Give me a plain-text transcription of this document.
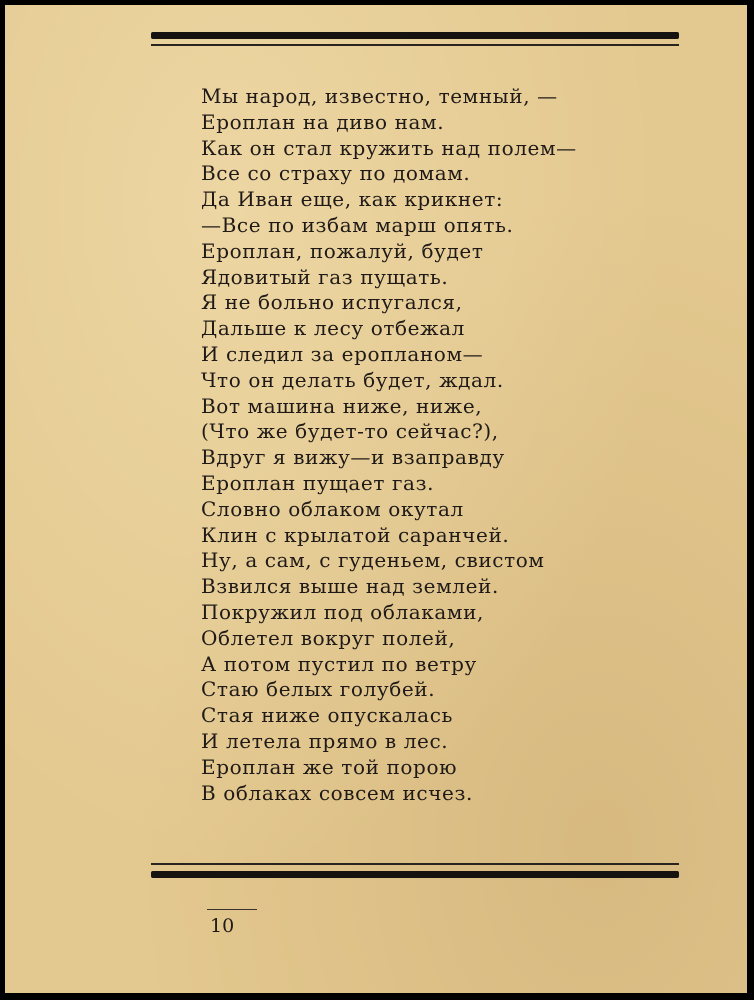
Мы народ, известно, темный, —
Ероплан на диво нам.
Как он стал кружить над полем—
Все со страху по домам.
Да Иван еще, как крикнет:
—Все по избам марш опять.
Ероплан, пожалуй, будет
Ядовитый газ пущать.
Я не больно испугался,
Дальше к лесу отбежал
И следил за еропланом—
Что он делать будет, ждал.
Вот машина ниже, ниже,
(Что же будет-то сейчас?),
Вдруг я вижу—и взаправду
Ероплан пущает газ.
Словно облаком окутал
Клин с крылатой саранчей.
Ну, а сам, с гуденьем, свистом
Взвился выше над землей.
Покружил под облаками,
Облетел вокруг полей,
А потом пустил по ветру
Стаю белых голубей.
Стая ниже опускалась
И летела прямо в лес.
Ероплан же той порою
В облаках совсем исчез.
10
